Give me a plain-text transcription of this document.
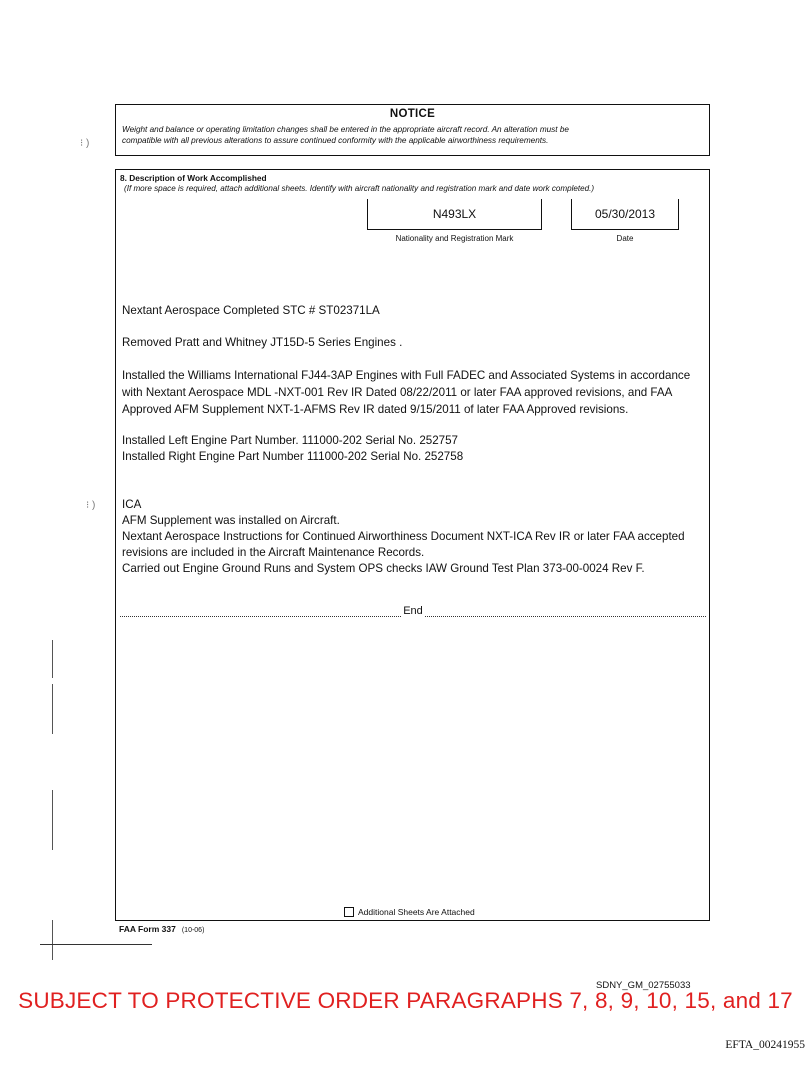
⁝ )
⁝ )
NOTICE
Weight and balance or operating limitation changes shall be entered in the appropriate aircraft record. An alteration must be
compatible with all previous alterations to assure continued conformity with the applicable airworthiness requirements.
8. Description of Work Accomplished
(If more space is required, attach additional sheets. Identify with aircraft nationality and registration mark and date work completed.)
N493LX	05/30/2013
Nationality and Registration Mark	Date
Nextant Aerospace Completed STC # ST02371LA
Removed Pratt and Whitney JT15D-5 Series Engines .
Installed the Williams International FJ44-3AP Engines with Full FADEC and Associated Systems in accordance
with Nextant Aerospace MDL -NXT-001 Rev IR Dated 08/22/2011 or later FAA approved revisions, and FAA
Approved AFM Supplement NXT-1-AFMS Rev IR dated 9/15/2011 of later FAA Approved revisions.
Installed Left Engine Part Number. 111000-202 Serial No. 252757
Installed Right Engine Part Number 111000-202 Serial No. 252758
ICA
AFM Supplement was installed on Aircraft.
Nextant Aerospace Instructions for Continued Airworthiness Document NXT-ICA Rev IR or later FAA accepted
revisions are included in the Aircraft Maintenance Records.
Carried out Engine Ground Runs and System OPS checks IAW Ground Test Plan 373-00-0024 Rev F.
End
Additional Sheets Are Attached
FAA Form 337 (10-06)
SDNY_GM_02755033
SUBJECT TO PROTECTIVE ORDER PARAGRAPHS 7, 8, 9, 10, 15, and 17
EFTA_00241955
